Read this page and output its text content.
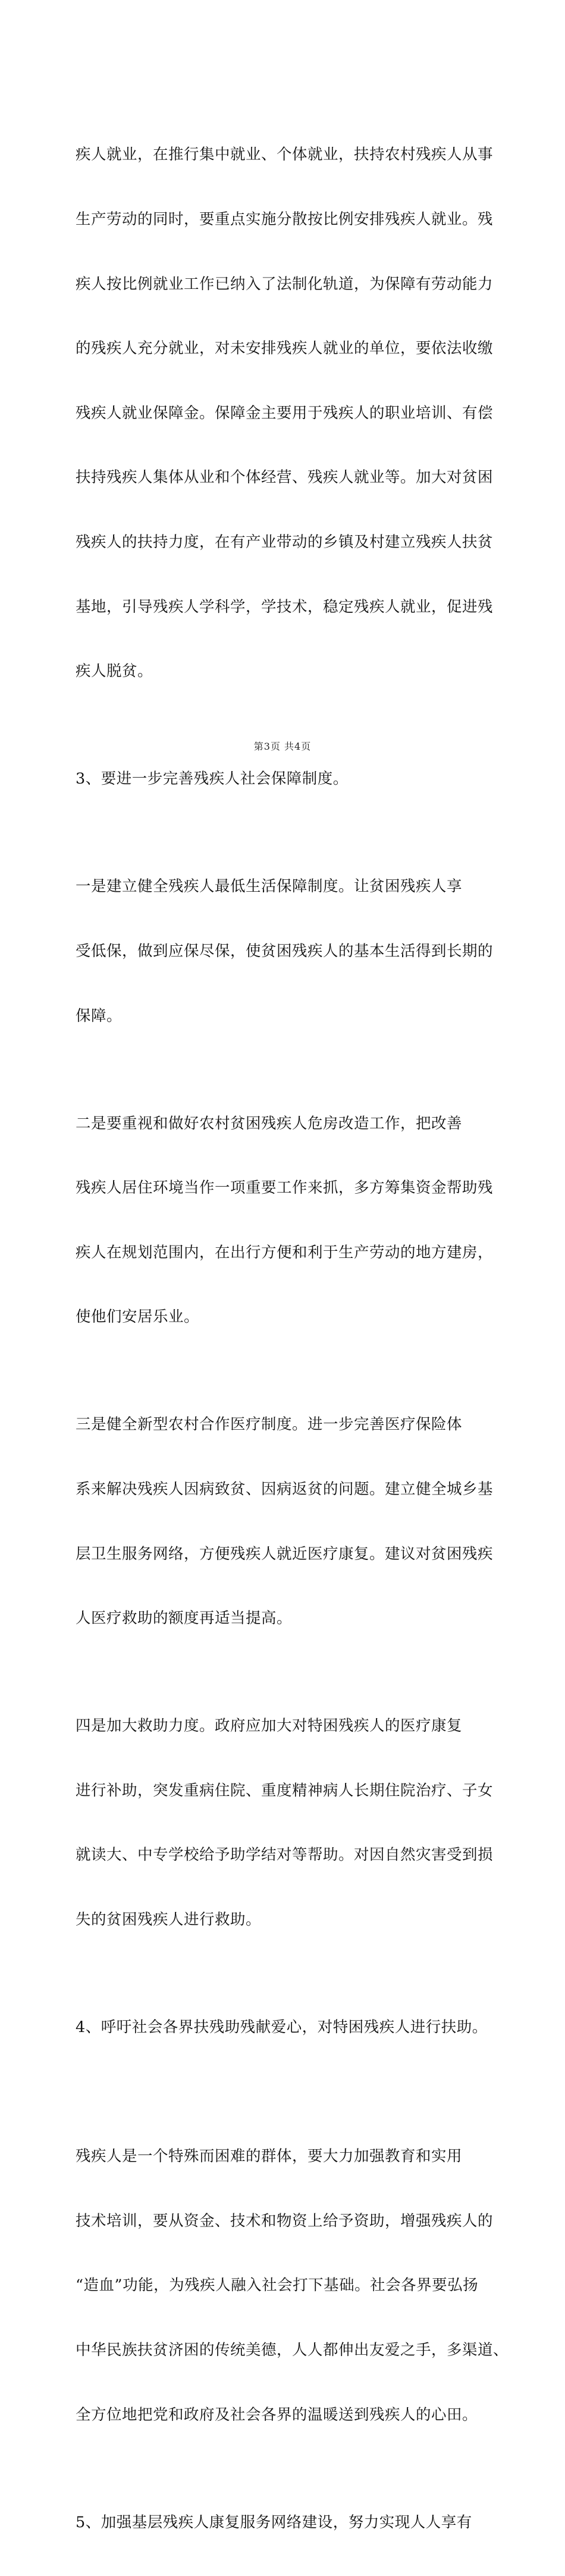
疾人就业，在推行集中就业、个体就业，扶持农村残疾人从事

生产劳动的同时，要重点实施分散按比例安排残疾人就业。残

疾人按比例就业工作已纳入了法制化轨道，为保障有劳动能力

的残疾人充分就业，对未安排残疾人就业的单位，要依法收缴

残疾人就业保障金。保障金主要用于残疾人的职业培训、有偿

扶持残疾人集体从业和个体经营、残疾人就业等。加大对贫困

残疾人的扶持力度，在有产业带动的乡镇及村建立残疾人扶贫

基地，引导残疾人学科学，学技术，稳定残疾人就业，促进残

疾人脱贫。

3、要进一步完善残疾人社会保障制度。

一是建立健全残疾人最低生活保障制度。让贫困残疾人享

受低保，做到应保尽保，使贫困残疾人的基本生活得到长期的

保障。

二是要重视和做好农村贫困残疾人危房改造工作，把改善

残疾人居住环境当作一项重要工作来抓，多方筹集资金帮助残

疾人在规划范围内，在出行方便和利于生产劳动的地方建房，

使他们安居乐业。

三是健全新型农村合作医疗制度。进一步完善医疗保险体

系来解决残疾人因病致贫、因病返贫的问题。建立健全城乡基

层卫生服务网络，方便残疾人就近医疗康复。建议对贫困残疾

人医疗救助的额度再适当提高。

四是加大救助力度。政府应加大对特困残疾人的医疗康复

进行补助，突发重病住院、重度精神病人长期住院治疗、子女

就读大、中专学校给予助学结对等帮助。对因自然灾害受到损

失的贫困残疾人进行救助。

4、呼吁社会各界扶残助残献爱心，对特困残疾人进行扶助。

残疾人是一个特殊而困难的群体，要大力加强教育和实用

技术培训，要从资金、技术和物资上给予资助，增强残疾人的

“造血”功能，为残疾人融入社会打下基础。社会各界要弘扬

中华民族扶贫济困的传统美德，人人都伸出友爱之手，多渠道、

全方位地把党和政府及社会各界的温暖送到残疾人的心田。

5、加强基层残疾人康复服务网络建设，努力实现人人享有

第3页 共4页
